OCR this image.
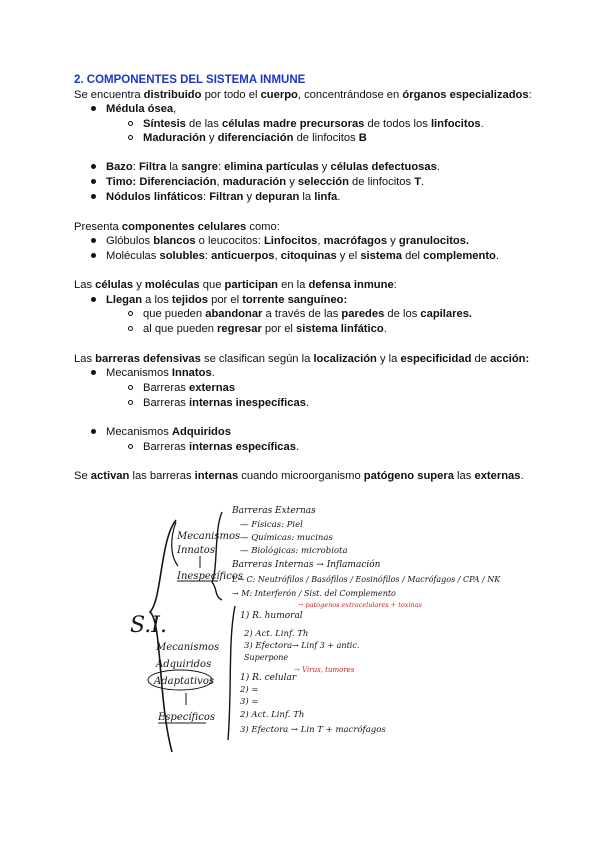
2. COMPONENTES DEL SISTEMA INMUNE
Se encuentra distribuido por todo el cuerpo, concentrándose en órganos especializados:
Médula ósea,
Síntesis de las células madre precursoras de todos los linfocitos.
Maduración y diferenciación de linfocitos B
Bazo: Filtra la sangre: elimina partículas y células defectuosas.
Timo: Diferenciación, maduración y selección de linfocitos T.
Nódulos linfáticos: Filtran y depuran la linfa.
Presenta componentes celulares como:
Glóbulos blancos o leucocitos: Linfocitos, macrófagos y granulocitos.
Moléculas solubles: anticuerpos, citoquinas y el sistema del complemento.
Las células y moléculas que participan en la defensa inmune:
Llegan a los tejidos por el torrente sanguíneo:
que pueden abandonar a través de las paredes de los capilares.
al que pueden regresar por el sistema linfático.
Las barreras defensivas se clasifican según la localización y la especificidad de acción:
Mecanismos Innatos.
Barreras externas
Barreras internas inespecíficas.
Mecanismos Adquiridos
Barreras internas específicas.
Se activan las barreras internas cuando microorganismo patógeno supera las externas.
S.I.
Mecanismos
Innatos
Inespecíficos
Barreras Externas
— Físicas: Piel
— Químicas: mucinas
— Biológicas: microbiota
Barreras Internas → Inflamación
L→ C: Neutrófilos / Basófilos / Eosinófilos / Macrófagos / CPA / NK
→ M: Interferón / Sist. del Complemento
Mecanismos
Adquiridos
Adaptativos
Específicos
1) R. humoral
→ patógenos extracelulares + toxinas
2) Act. Linf. Th
3) Efectora → Linf 3 + antic.
Superpone
1) R. celular
→ Virus, tumores
2) =
3) =
2) Act. Linf. Th
3) Efectora → Lin T + macrófagos
